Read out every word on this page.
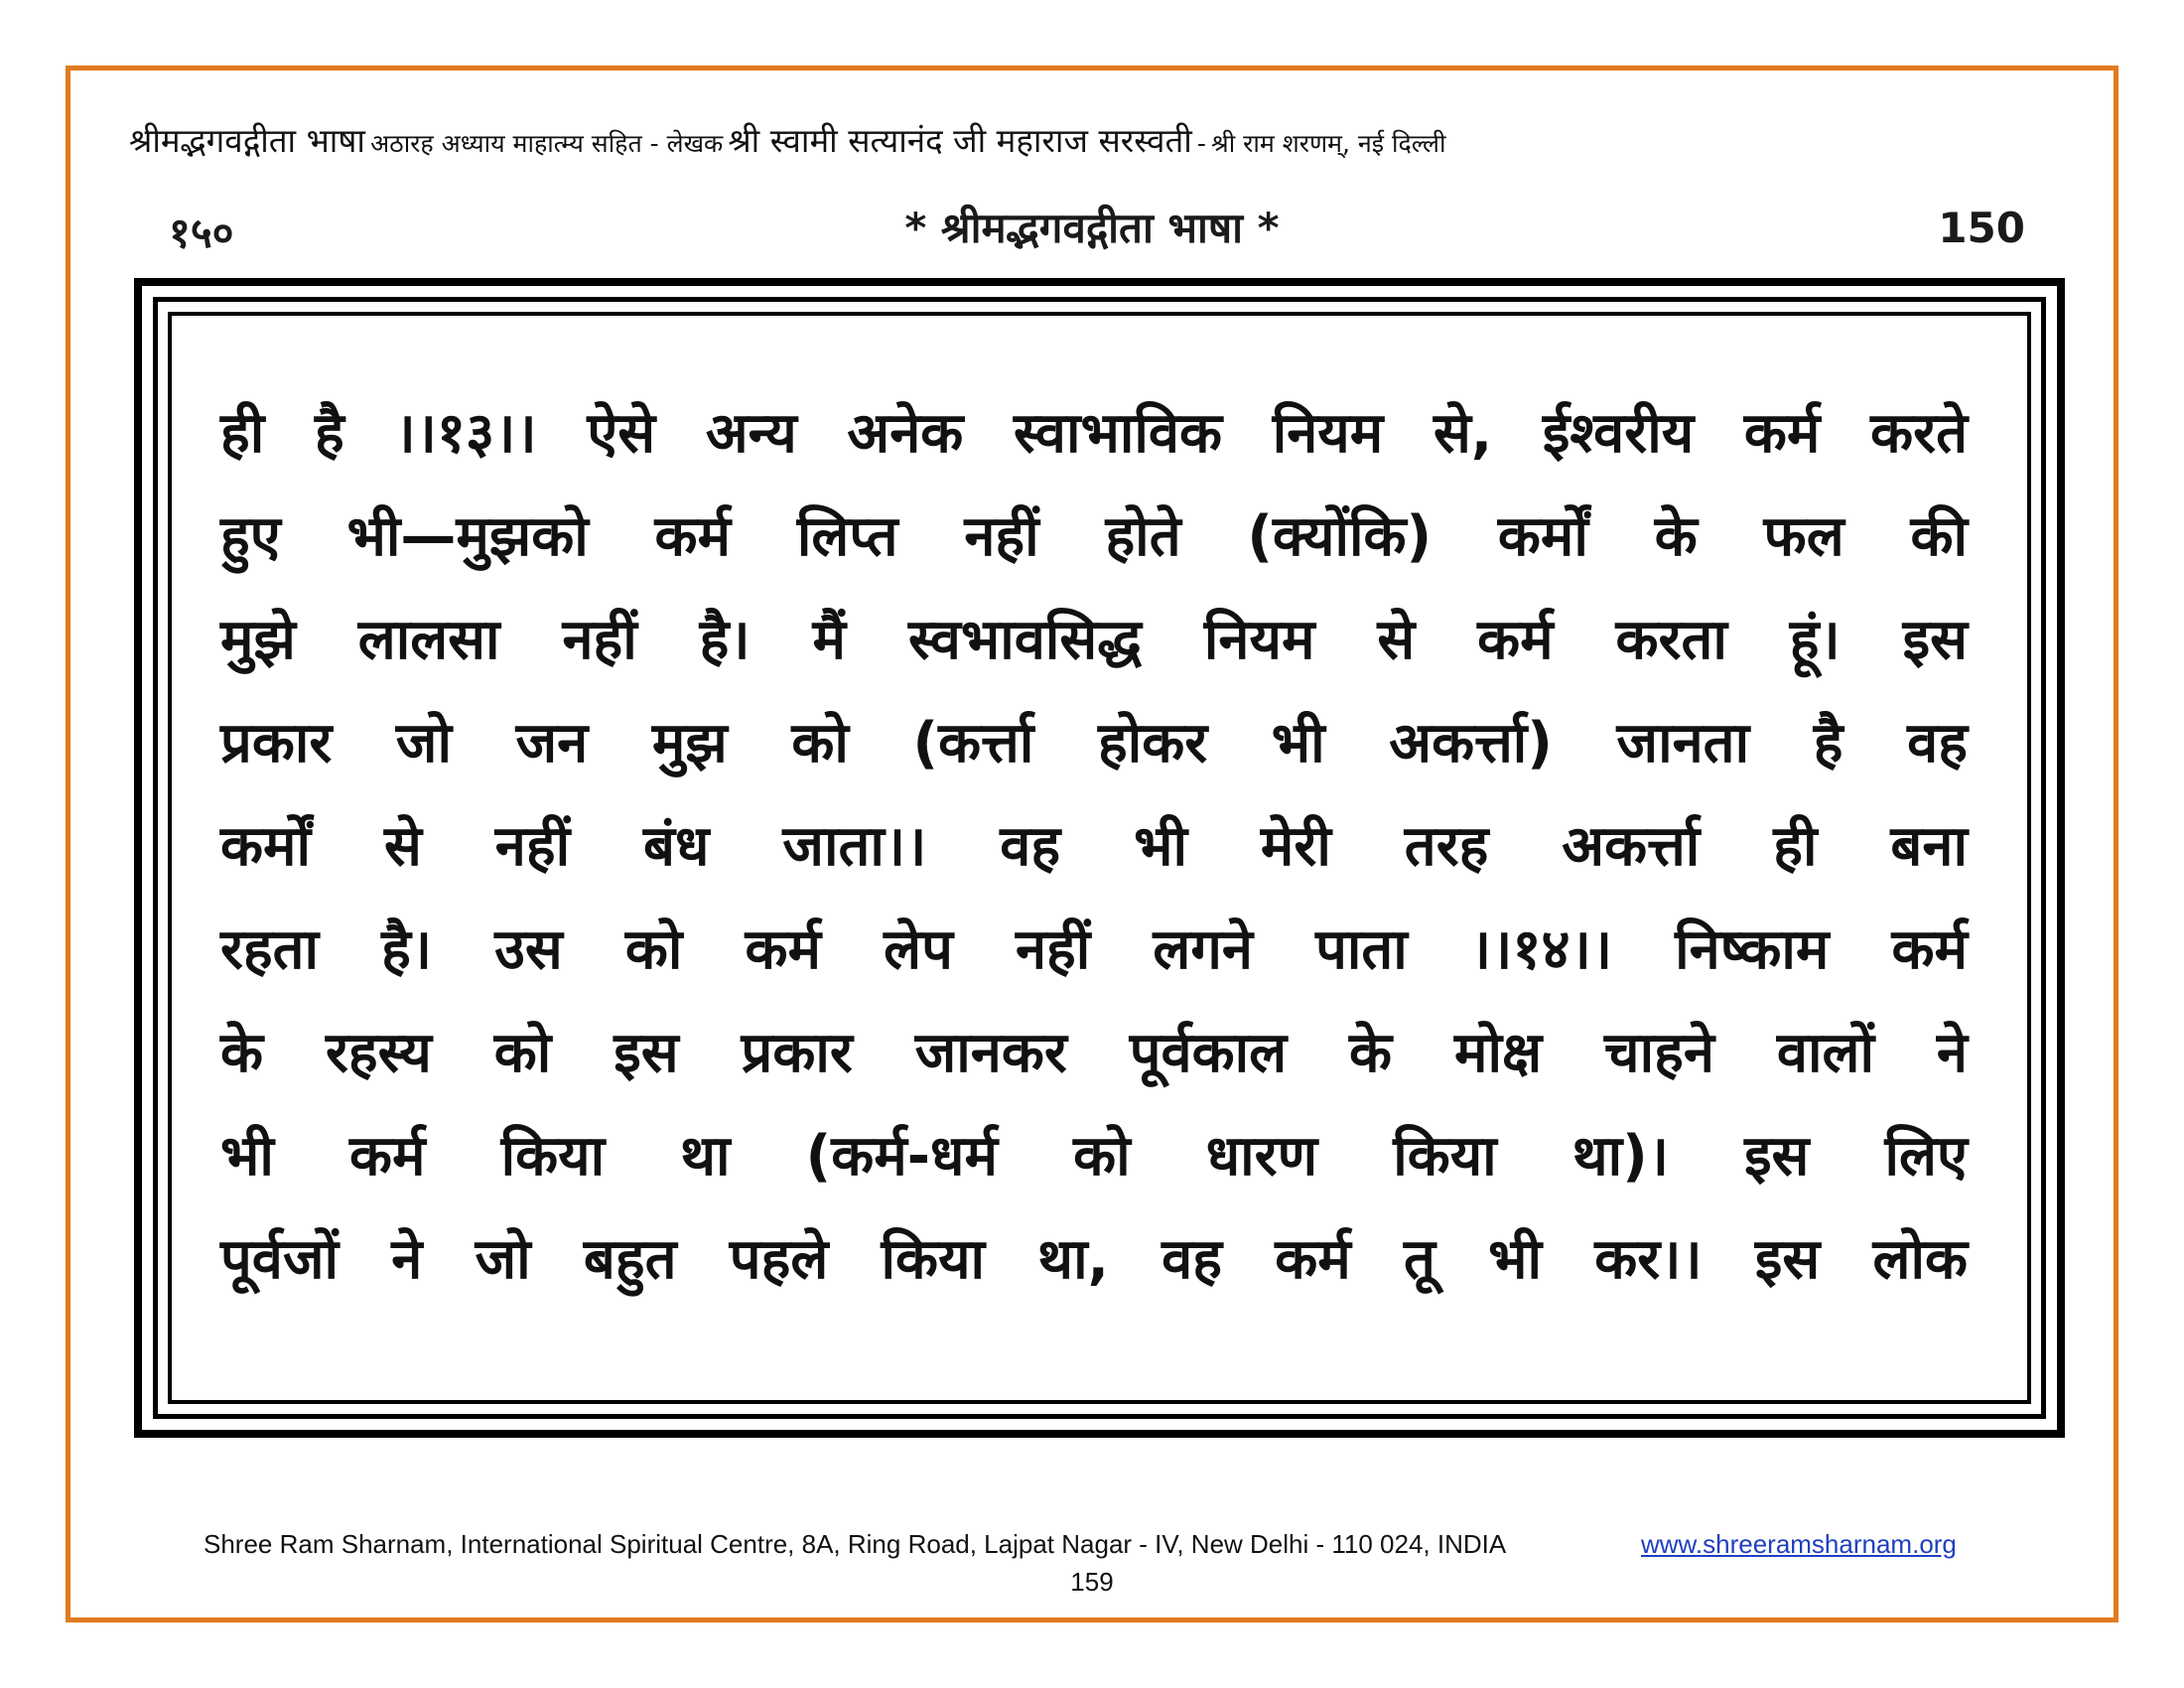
श्रीमद्भगवद्गीता भाषा अठारह अध्याय माहात्म्य सहित - लेखक श्री स्वामी सत्यानंद जी महाराज सरस्वती - श्री राम शरणम्, नई दिल्ली
१५०	* श्रीमद्भगवद्गीता भाषा *	150
ही है ।।१३।। ऐसे अन्य अनेक स्वाभाविक नियम से, ईश्वरीय कर्म करते
हुए भी—मुझको कर्म लिप्त नहीं होते (क्योंकि) कर्मों के फल की
मुझे लालसा नहीं है। मैं स्वभावसिद्ध नियम से कर्म करता हूं। इस
प्रकार जो जन मुझ को (कर्त्ता होकर भी अकर्त्ता) जानता है वह
कर्मों से नहीं बंध जाता।। वह भी मेरी तरह अकर्त्ता ही बना
रहता है। उस को कर्म लेप नहीं लगने पाता ।।१४।। निष्काम कर्म
के रहस्य को इस प्रकार जानकर पूर्वकाल के मोक्ष चाहने वालों ने
भी कर्म किया था (कर्म-धर्म को धारण किया था)। इस लिए
पूर्वजों ने जो बहुत पहले किया था, वह कर्म तू भी कर।। इस लोक
Shree Ram Sharnam, International Spiritual Centre, 8A, Ring Road, Lajpat Nagar - IV, New Delhi - 110 024, INDIA	www.shreeramsharnam.org
159
